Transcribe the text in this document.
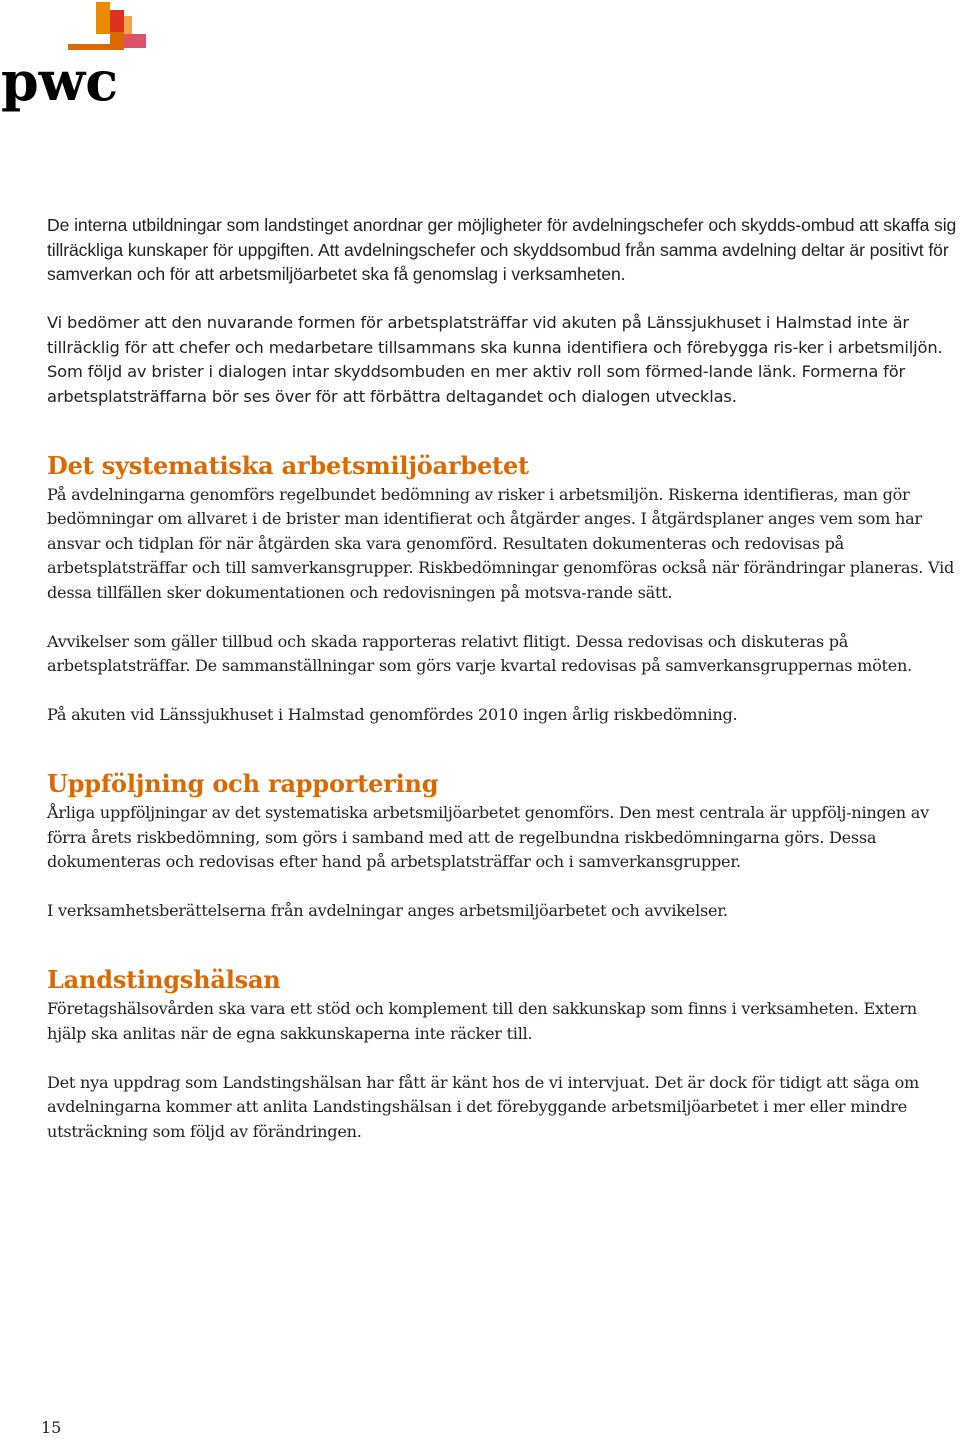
pwc

De interna utbildningar som landstinget anordnar ger möjligheter för avdelningschefer och skydds-ombud att skaffa sig tillräckliga kunskaper för uppgiften. Att avdelningschefer och skyddsombud från samma avdelning deltar är positivt för samverkan och för att arbetsmiljöarbetet ska få genomslag i verksamheten.

Vi bedömer att den nuvarande formen för arbetsplatsträffar vid akuten på Länssjukhuset i Halmstad inte är tillräcklig för att chefer och medarbetare tillsammans ska kunna identifiera och förebygga ris-ker i arbetsmiljön. Som följd av brister i dialogen intar skyddsombuden en mer aktiv roll som förmed-lande länk. Formerna för arbetsplatsträffarna bör ses över för att förbättra deltagandet och dialogen utvecklas.

Det systematiska arbetsmiljöarbetet

På avdelningarna genomförs regelbundet bedömning av risker i arbetsmiljön. Riskerna identifieras, man gör bedömningar om allvaret i de brister man identifierat och åtgärder anges. I åtgärdsplaner anges vem som har ansvar och tidplan för när åtgärden ska vara genomförd. Resultaten dokumenteras och redovisas på arbetsplatsträffar och till samverkansgrupper. Riskbedömningar genomföras också när förändringar planeras. Vid dessa tillfällen sker dokumentationen och redovisningen på motsva-rande sätt.

Avvikelser som gäller tillbud och skada rapporteras relativt flitigt. Dessa redovisas och diskuteras på arbetsplatsträffar. De sammanställningar som görs varje kvartal redovisas på samverkansgruppernas möten.

På akuten vid Länssjukhuset i Halmstad genomfördes 2010 ingen årlig riskbedömning.

Uppföljning och rapportering

Årliga uppföljningar av det systematiska arbetsmiljöarbetet genomförs. Den mest centrala är uppfölj-ningen av förra årets riskbedömning, som görs i samband med att de regelbundna riskbedömningarna görs. Dessa dokumenteras och redovisas efter hand på arbetsplatsträffar och i samverkansgrupper.

I verksamhetsberättelserna från avdelningar anges arbetsmiljöarbetet och avvikelser.

Landstingshälsan

Företagshälsovården ska vara ett stöd och komplement till den sakkunskap som finns i verksamheten. Extern hjälp ska anlitas när de egna sakkunskaperna inte räcker till.

Det nya uppdrag som Landstingshälsan har fått är känt hos de vi intervjuat. Det är dock för tidigt att säga om avdelningarna kommer att anlita Landstingshälsan i det förebyggande arbetsmiljöarbetet i mer eller mindre utsträckning som följd av förändringen.

15
